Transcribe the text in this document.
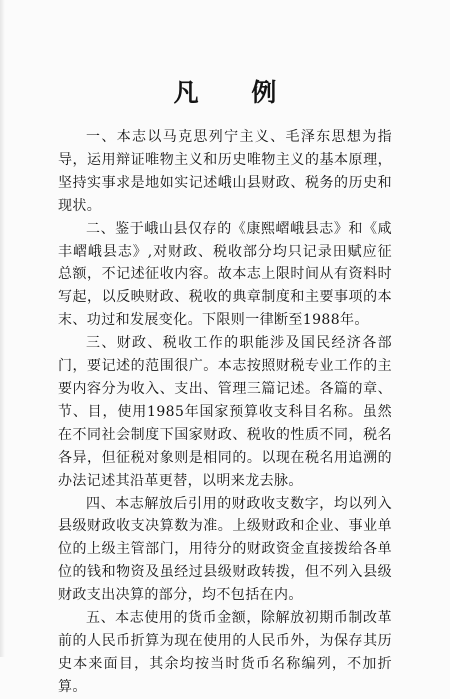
凡 例

一、本志以马克思列宁主义、毛泽东思想为指导，运用辩证唯物主义和历史唯物主义的基本原理，坚持实事求是地如实记述峨山县财政、税务的历史和现状。

二、鉴于峨山县仅存的《康熙嶍峨县志》和《咸丰嶍峨县志》,对财政、税收部分均只记录田赋应征总额，不记述征收内容。故本志上限时间从有资料时写起，以反映财政、税收的典章制度和主要事项的本末、功过和发展变化。下限则一律断至1988年。

三、财政、税收工作的职能涉及国民经济各部门，要记述的范围很广。本志按照财税专业工作的主要内容分为收入、支出、管理三篇记述。各篇的章、节、目，使用1985年国家预算收支科目名称。虽然在不同社会制度下国家财政、税收的性质不同，税名各异，但征税对象则是相同的。以现在税名用追溯的办法记述其沿革更替，以明来龙去脉。

四、本志解放后引用的财政收支数字，均以列入县级财政收支决算数为准。上级财政和企业、事业单位的上级主管部门，用待分的财政资金直接拨给各单位的钱和物资及虽经过县级财政转拨，但不列入县级财政支出决算的部分，均不包括在内。

五、本志使用的货币金额，除解放初期币制改革前的人民币折算为现在使用的人民币外，为保存其历史本来面目，其余均按当时货币名称编列，不加折算。
